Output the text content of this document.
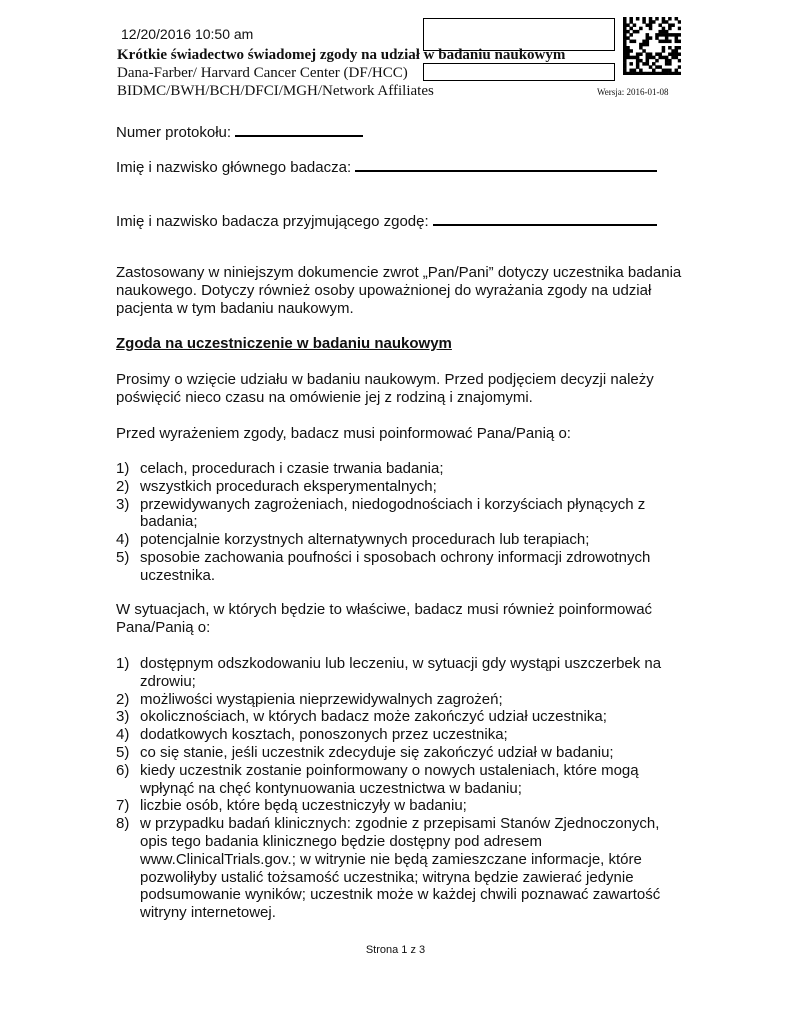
12/20/2016 10:50 am
Krótkie świadectwo świadomej zgody na udział w badaniu naukowym
Dana-Farber/ Harvard Cancer Center (DF/HCC)
BIDMC/BWH/BCH/DFCI/MGH/Network Affiliates	Wersja: 2016-01-08
Numer protokołu:
Imię i nazwisko głównego badacza:
Imię i nazwisko badacza przyjmującego zgodę:
Zastosowany w niniejszym dokumencie zwrot „Pan/Pani” dotyczy uczestnika badania naukowego. Dotyczy również osoby upoważnionej do wyrażania zgody na udział pacjenta w tym badaniu naukowym.
Zgoda na uczestniczenie w badaniu naukowym
Prosimy o wzięcie udziału w badaniu naukowym. Przed podjęciem decyzji należy poświęcić nieco czasu na omówienie jej z rodziną i znajomymi.
Przed wyrażeniem zgody, badacz musi poinformować Pana/Panią o:
1) celach, procedurach i czasie trwania badania;
2) wszystkich procedurach eksperymentalnych;
3) przewidywanych zagrożeniach, niedogodnościach i korzyściach płynących z badania;
4) potencjalnie korzystnych alternatywnych procedurach lub terapiach;
5) sposobie zachowania poufności i sposobach ochrony informacji zdrowotnych uczestnika.
W sytuacjach, w których będzie to właściwe, badacz musi również poinformować Pana/Panią o:
1) dostępnym odszkodowaniu lub leczeniu, w sytuacji gdy wystąpi uszczerbek na zdrowiu;
2) możliwości wystąpienia nieprzewidywalnych zagrożeń;
3) okolicznościach, w których badacz może zakończyć udział uczestnika;
4) dodatkowych kosztach, ponoszonych przez uczestnika;
5) co się stanie, jeśli uczestnik zdecyduje się zakończyć udział w badaniu;
6) kiedy uczestnik zostanie poinformowany o nowych ustaleniach, które mogą wpłynąć na chęć kontynuowania uczestnictwa w badaniu;
7) liczbie osób, które będą uczestniczyły w badaniu;
8) w przypadku badań klinicznych: zgodnie z przepisami Stanów Zjednoczonych, opis tego badania klinicznego będzie dostępny pod adresem www.ClinicalTrials.gov.; w witrynie nie będą zamieszczane informacje, które pozwoliłyby ustalić tożsamość uczestnika; witryna będzie zawierać jedynie podsumowanie wyników; uczestnik może w każdej chwili poznawać zawartość witryny internetowej.
Strona 1 z 3
